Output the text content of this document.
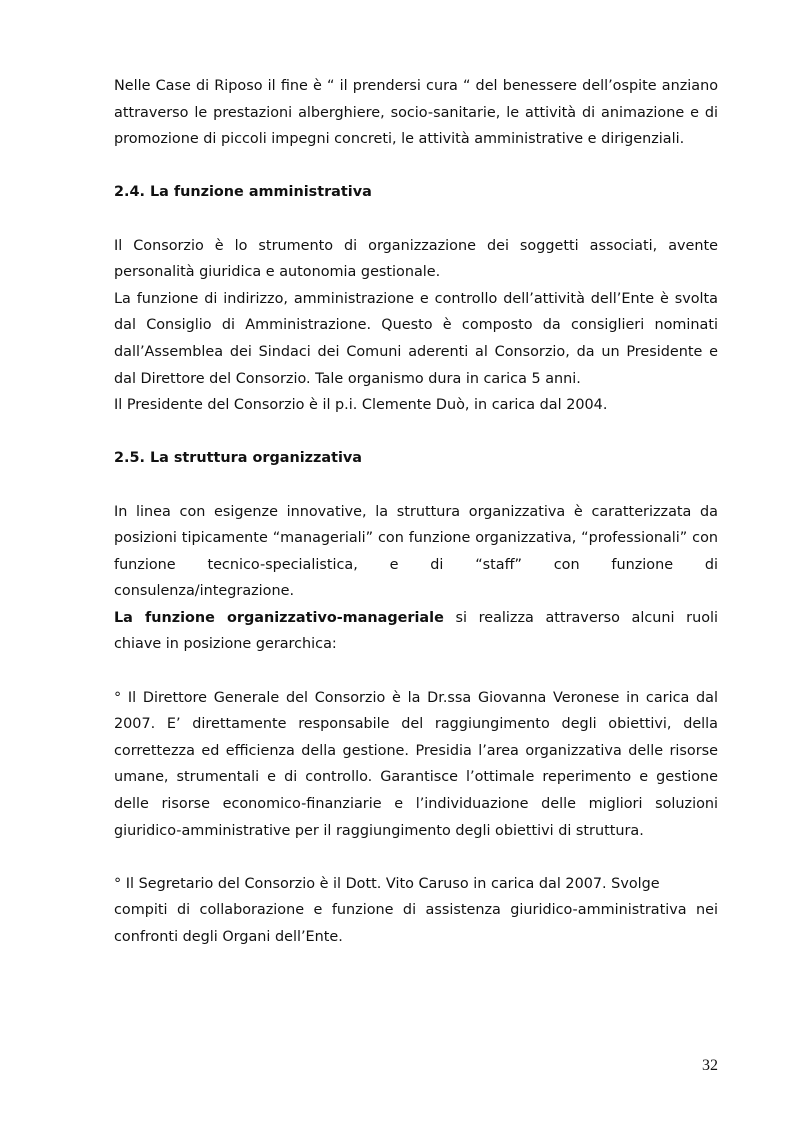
Nelle Case di Riposo il fine è “ il prendersi cura “ del benessere dell’ospite anziano attraverso le prestazioni alberghiere, socio-sanitarie, le attività di animazione e di promozione di piccoli impegni concreti, le attività amministrative e dirigenziali.

2.4. La funzione amministrativa

Il Consorzio è lo strumento di organizzazione dei soggetti associati, avente personalità giuridica e autonomia gestionale.

La funzione di indirizzo, amministrazione e controllo dell’attività dell’Ente è svolta dal Consiglio di Amministrazione. Questo è composto da consiglieri nominati dall’Assemblea dei Sindaci dei Comuni aderenti al Consorzio, da un Presidente e dal Direttore del Consorzio. Tale organismo dura in carica 5 anni.

Il Presidente del Consorzio è il p.i. Clemente Duò, in carica dal 2004.

2.5. La struttura organizzativa

In linea con esigenze innovative, la struttura organizzativa è caratterizzata da posizioni tipicamente “manageriali” con funzione organizzativa, “professionali” con funzione tecnico-specialistica, e di “staff” con funzione di

consulenza/integrazione.

La funzione organizzativo-manageriale si realizza attraverso alcuni ruoli chiave in posizione gerarchica:

° Il Direttore Generale del Consorzio è la Dr.ssa Giovanna Veronese in carica dal 2007. E’ direttamente responsabile del raggiungimento degli obiettivi, della correttezza ed efficienza della gestione. Presidia l’area organizzativa delle risorse umane, strumentali e di controllo. Garantisce l’ottimale reperimento e gestione delle risorse economico-finanziarie e l’individuazione delle migliori soluzioni giuridico-amministrative per il raggiungimento degli obiettivi di struttura.

° Il Segretario del Consorzio è il Dott. Vito Caruso in carica dal 2007. Svolge

compiti di collaborazione e funzione di assistenza giuridico-amministrativa nei confronti degli Organi dell’Ente.

32
